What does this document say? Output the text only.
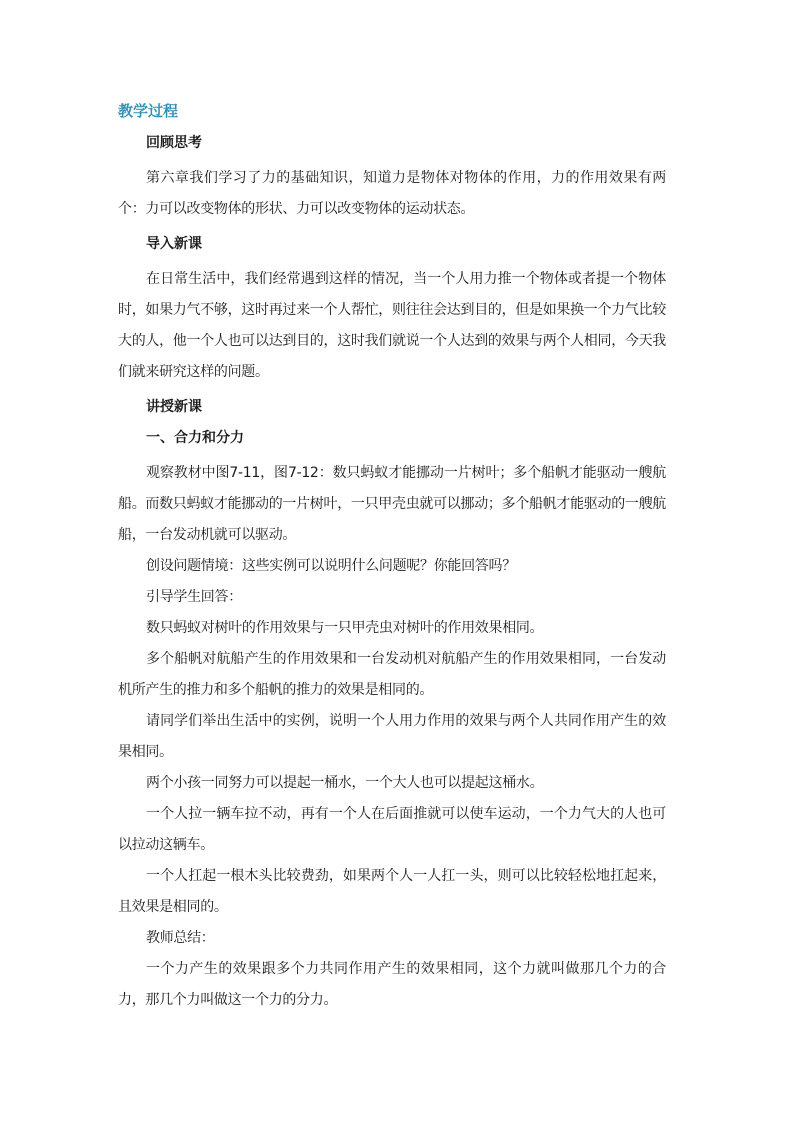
教学过程
回顾思考

第六章我们学习了力的基础知识，知道力是物体对物体的作用，力的作用效果有两个：力可以改变物体的形状、力可以改变物体的运动状态。

导入新课

在日常生活中，我们经常遇到这样的情况，当一个人用力推一个物体或者提一个物体时，如果力气不够，这时再过来一个人帮忙，则往往会达到目的，但是如果换一个力气比较大的人，他一个人也可以达到目的，这时我们就说一个人达到的效果与两个人相同，今天我们就来研究这样的问题。

讲授新课
一、合力和分力

观察教材中图7-11，图7-12：数只蚂蚁才能挪动一片树叶；多个船帆才能驱动一艘航船。而数只蚂蚁才能挪动的一片树叶，一只甲壳虫就可以挪动；多个船帆才能驱动的一艘航船，一台发动机就可以驱动。

创设问题情境：这些实例可以说明什么问题呢？你能回答吗？

引导学生回答：

数只蚂蚁对树叶的作用效果与一只甲壳虫对树叶的作用效果相同。

多个船帆对航船产生的作用效果和一台发动机对航船产生的作用效果相同，一台发动机所产生的推力和多个船帆的推力的效果是相同的。

请同学们举出生活中的实例，说明一个人用力作用的效果与两个人共同作用产生的效果相同。

两个小孩一同努力可以提起一桶水，一个大人也可以提起这桶水。

一个人拉一辆车拉不动，再有一个人在后面推就可以使车运动，一个力气大的人也可以拉动这辆车。

一个人扛起一根木头比较费劲，如果两个人一人扛一头，则可以比较轻松地扛起来，且效果是相同的。

教师总结：

一个力产生的效果跟多个力共同作用产生的效果相同，这个力就叫做那几个力的合力，那几个力叫做这一个力的分力。
